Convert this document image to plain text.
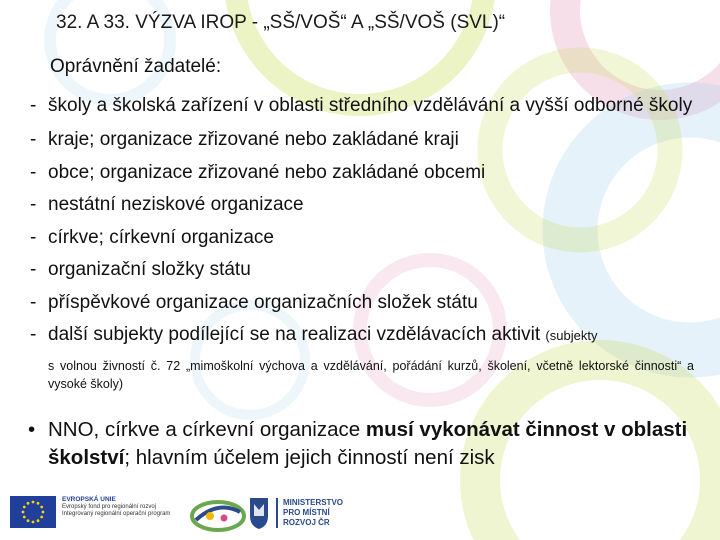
32. A 33. VÝZVA IROP - „SŠ/VOŠ“ A „SŠ/VOŠ (SVL)“
Oprávnění žadatelé:
- školy a školská zařízení v oblasti středního vzdělávání a vyšší odborné školy
- kraje; organizace zřizované nebo zakládané kraji
- obce; organizace zřizované nebo zakládané obcemi
- nestátní neziskové organizace
- církve; církevní organizace
- organizační složky státu
- příspěvkové organizace organizačních složek státu
- další subjekty podílející se na realizaci vzdělávacích aktivit (subjekty
s volnou živností č. 72 „mimoškolní výchova a vzdělávání, pořádání kurzů, školení, včetně lektorské činnosti“ a vysoké školy)
• NNO, církve a církevní organizace musí vykonávat činnost v oblasti školství; hlavním účelem jejich činností není zisk
EVROPSKÁ UNIE
Evropský fond pro regionální rozvoj
Integrovaný regionální operační program
MINISTERSTVO PRO MÍSTNÍ ROZVOJ ČR
